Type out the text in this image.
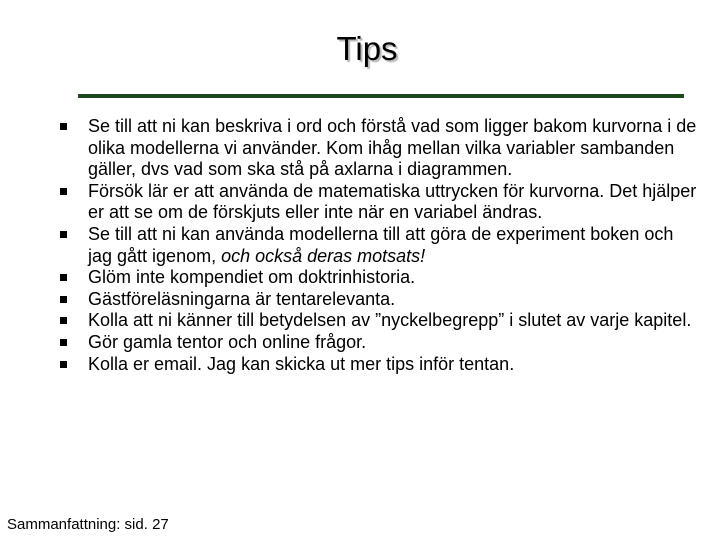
Tips
Se till att ni kan beskriva i ord och förstå vad som ligger bakom kurvorna i de olika modellerna vi använder. Kom ihåg mellan vilka variabler sambanden gäller, dvs vad som ska stå på axlarna i diagrammen.
Försök lär er att använda de matematiska uttrycken för kurvorna. Det hjälper er att se om de förskjuts eller inte när en variabel ändras.
Se till att ni kan använda modellerna till att göra de experiment boken och jag gått igenom, och också deras motsats!
Glöm inte kompendiet om doktrinhistoria.
Gästföreläsningarna är tentarelevanta.
Kolla att ni känner till betydelsen av ”nyckelbegrepp” i slutet av varje kapitel.
Gör gamla tentor och online frågor.
Kolla er email. Jag kan skicka ut mer tips inför tentan.
Sammanfattning: sid. 27
